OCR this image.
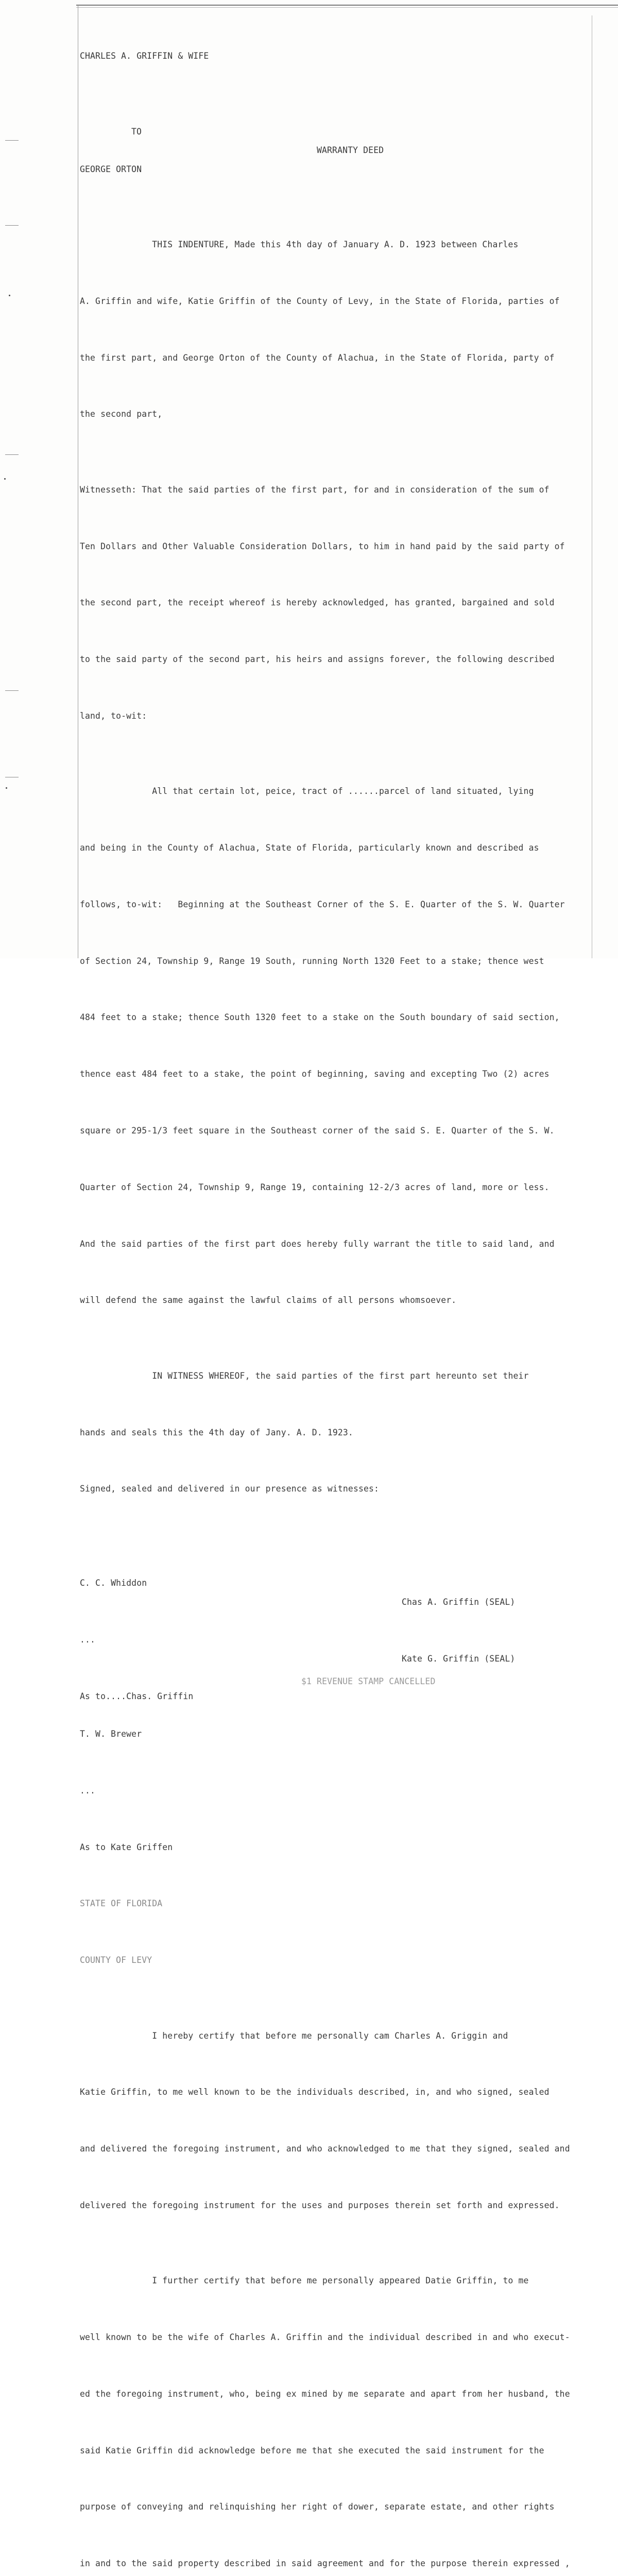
CHARLES A. GRIFFIN & WIFE

TO

WARRANTY DEED

GEORGE ORTON

THIS INDENTURE, Made this 4th day of January A. D. 1923 between Charles

A. Griffin and wife, Katie Griffin of the County of Levy, in the State of Florida, parties of

the first part, and George Orton of the County of Alachua, in the State of Florida, party of

the second part,

Witnesseth: That the said parties of the first part, for and in consideration of the sum of

Ten Dollars and Other Valuable Consideration Dollars, to him in hand paid by the said party of

the second part, the receipt whereof is hereby acknowledged, has granted, bargained and sold

to the said party of the second part, his heirs and assigns forever, the following described

land, to-wit:

All that certain lot, peice, tract of ......parcel of land situated, lying

and being in the County of Alachua, State of Florida, particularly known and described as

follows, to-wit:   Beginning at the Southeast Corner of the S. E. Quarter of the S. W. Quarter

of Section 24, Township 9, Range 19 South, running North 1320 Feet to a stake; thence west

484 feet to a stake; thence South 1320 feet to a stake on the South boundary of said section,

thence east 484 feet to a stake, the point of beginning, saving and excepting Two (2) acres

square or 295-1/3 feet square in the Southeast corner of the said S. E. Quarter of the S. W.

Quarter of Section 24, Township 9, Range 19, containing 12-2/3 acres of land, more or less.

And the said parties of the first part does hereby fully warrant the title to said land, and

will defend the same against the lawful claims of all persons whomsoever.

IN WITNESS WHEREOF, the said parties of the first part hereunto set their

hands and seals this the 4th day of Jany. A. D. 1923.

Signed, sealed and delivered in our presence as witnesses:

C. C. Whiddon

Chas A. Griffin (SEAL)

...

Kate G. Griffin (SEAL)

As to....Chas. Griffin

$1 REVENUE STAMP CANCELLED

T. W. Brewer

...

As to Kate Griffen

STATE OF FLORIDA

COUNTY OF LEVY

I hereby certify that before me personally cam Charles A. Griggin and

Katie Griffin, to me well known to be the individuals described, in, and who signed, sealed

and delivered the foregoing instrument, and who acknowledged to me that they signed, sealed and

delivered the foregoing instrument for the uses and purposes therein set forth and expressed.

I further certify that before me personally appeared Datie Griffin, to me

well known to be the wife of Charles A. Griffin and the individual described in and who execut-

ed the foregoing instrument, who, being ex mined by me separate and apart from her husband, the

said Katie Griffin did acknowledge before me that she executed the said instrument for the

purpose of conveying and relinquishing her right of dower, separate estate, and other rights

in and to the said property described in said agreement and for the purpose therein expressed ,
